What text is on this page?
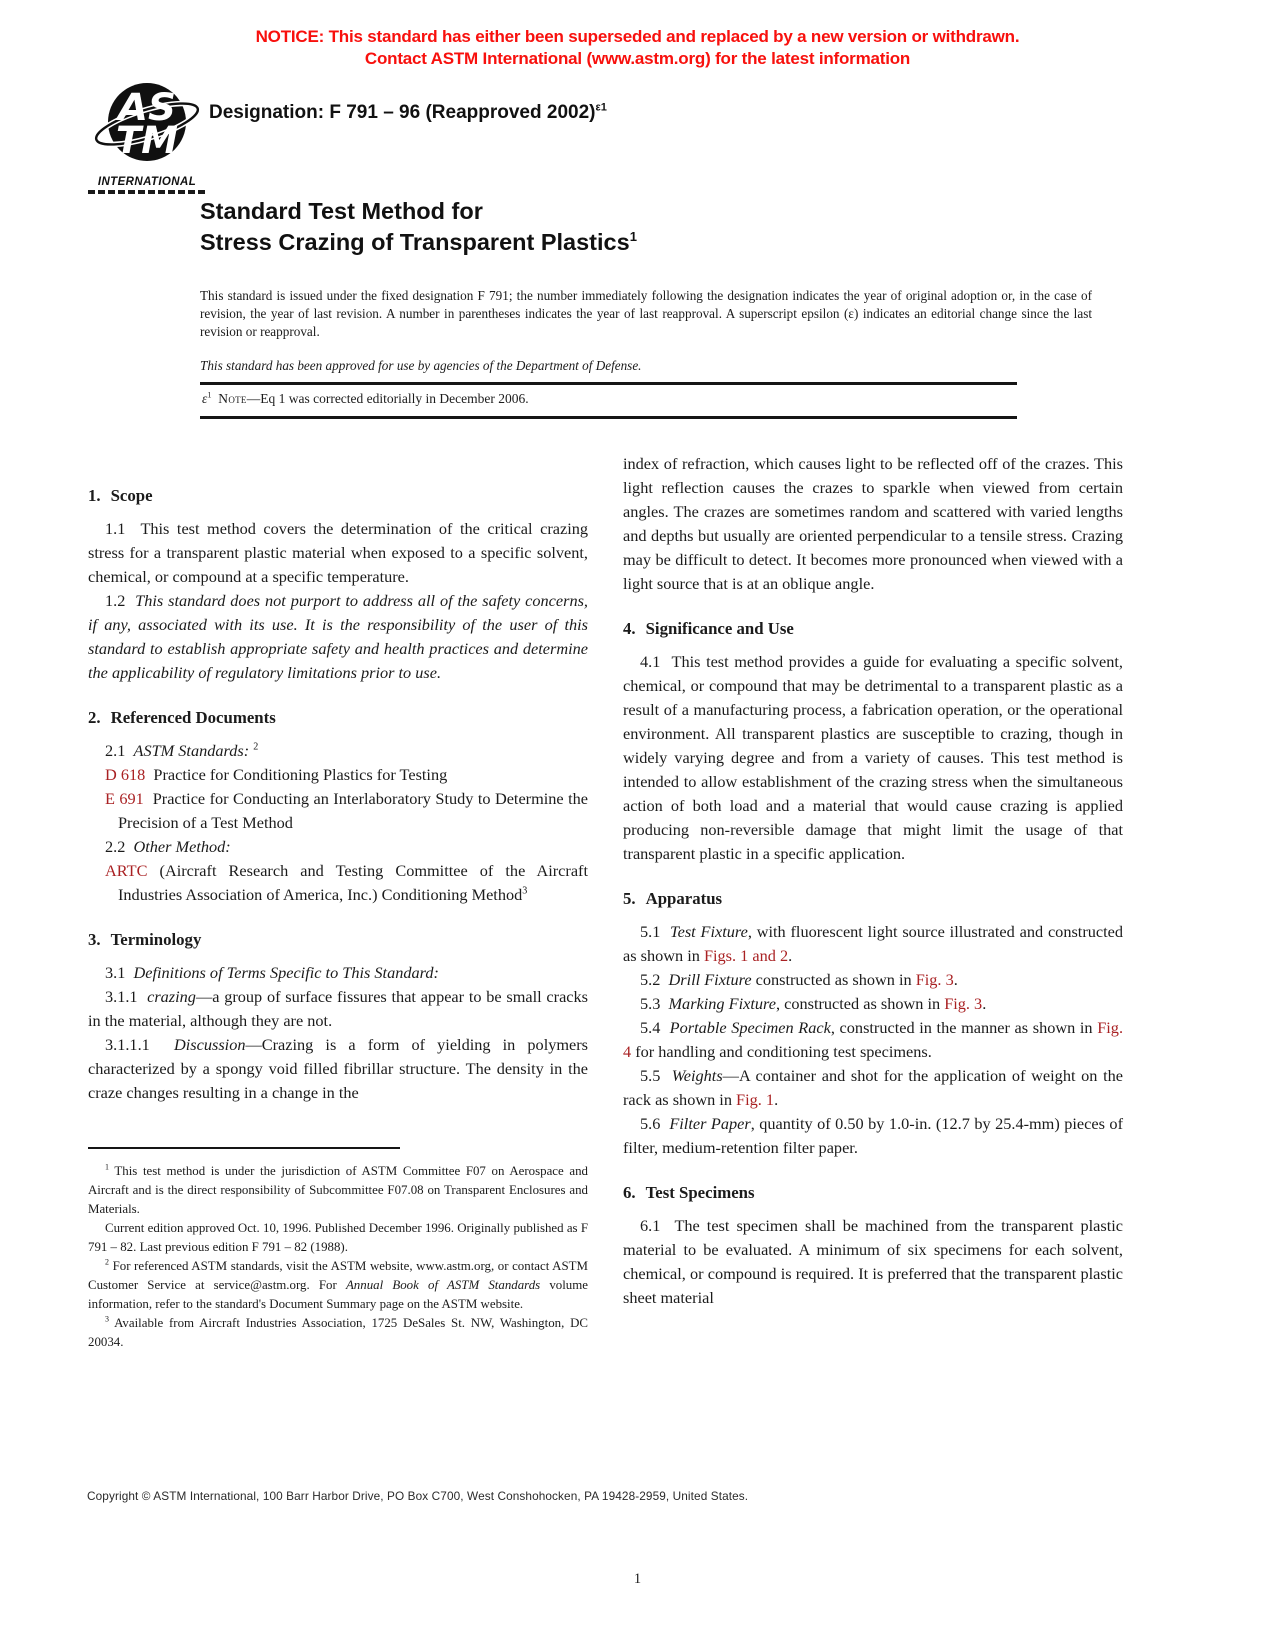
NOTICE: This standard has either been superseded and replaced by a new version or withdrawn.
Contact ASTM International (www.astm.org) for the latest information
AS
TM
INTERNATIONAL
Designation: F 791 – 96 (Reapproved 2002)$^{\varepsilon 1}$
Standard Test Method for
Stress Crazing of Transparent Plastics$^1$
This standard is issued under the fixed designation F 791; the number immediately following the designation indicates the year of original adoption or, in the case of revision, the year of last revision. A number in parentheses indicates the year of last reapproval. A superscript epsilon (ε) indicates an editorial change since the last revision or reapproval.
This standard has been approved for use by agencies of the Department of Defense.
$\varepsilon^1$ Note—Eq 1 was corrected editorially in December 2006.
1. Scope

1.1 This test method covers the determination of the critical crazing stress for a transparent plastic material when exposed to a specific solvent, chemical, or compound at a specific temperature.

1.2 This standard does not purport to address all of the safety concerns, if any, associated with its use. It is the responsibility of the user of this standard to establish appropriate safety and health practices and determine the applicability of regulatory limitations prior to use.

2. Referenced Documents

2.1 ASTM Standards: $^2$

D 618 Practice for Conditioning Plastics for Testing

E 691 Practice for Conducting an Interlaboratory Study to Determine the Precision of a Test Method

2.2 Other Method:

ARTC (Aircraft Research and Testing Committee of the Aircraft Industries Association of America, Inc.) Conditioning Method$^3$

3. Terminology

3.1 Definitions of Terms Specific to This Standard:

3.1.1 crazing—a group of surface fissures that appear to be small cracks in the material, although they are not.

3.1.1.1 Discussion—Crazing is a form of yielding in polymers characterized by a spongy void filled fibrillar structure. The density in the craze changes resulting in a change in the

$^1$ This test method is under the jurisdiction of ASTM Committee F07 on Aerospace and Aircraft and is the direct responsibility of Subcommittee F07.08 on Transparent Enclosures and Materials.

Current edition approved Oct. 10, 1996. Published December 1996. Originally published as F 791 – 82. Last previous edition F 791 – 82 (1988).

$^2$ For referenced ASTM standards, visit the ASTM website, www.astm.org, or contact ASTM Customer Service at service@astm.org. For Annual Book of ASTM Standards volume information, refer to the standard's Document Summary page on the ASTM website.

$^3$ Available from Aircraft Industries Association, 1725 DeSales St. NW, Washington, DC 20034.

index of refraction, which causes light to be reflected off of the crazes. This light reflection causes the crazes to sparkle when viewed from certain angles. The crazes are sometimes random and scattered with varied lengths and depths but usually are oriented perpendicular to a tensile stress. Crazing may be difficult to detect. It becomes more pronounced when viewed with a light source that is at an oblique angle.

4. Significance and Use

4.1 This test method provides a guide for evaluating a specific solvent, chemical, or compound that may be detrimental to a transparent plastic as a result of a manufacturing process, a fabrication operation, or the operational environment. All transparent plastics are susceptible to crazing, though in widely varying degree and from a variety of causes. This test method is intended to allow establishment of the crazing stress when the simultaneous action of both load and a material that would cause crazing is applied producing non-reversible damage that might limit the usage of that transparent plastic in a specific application.

5. Apparatus

5.1 Test Fixture, with fluorescent light source illustrated and constructed as shown in Figs. 1 and 2.

5.2 Drill Fixture constructed as shown in Fig. 3.

5.3 Marking Fixture, constructed as shown in Fig. 3.

5.4 Portable Specimen Rack, constructed in the manner as shown in Fig. 4 for handling and conditioning test specimens.

5.5 Weights—A container and shot for the application of weight on the rack as shown in Fig. 1.

5.6 Filter Paper, quantity of 0.50 by 1.0-in. (12.7 by 25.4-mm) pieces of filter, medium-retention filter paper.

6. Test Specimens

6.1 The test specimen shall be machined from the transparent plastic material to be evaluated. A minimum of six specimens for each solvent, chemical, or compound is required. It is preferred that the transparent plastic sheet material

Copyright © ASTM International, 100 Barr Harbor Drive, PO Box C700, West Conshohocken, PA 19428-2959, United States.
1
